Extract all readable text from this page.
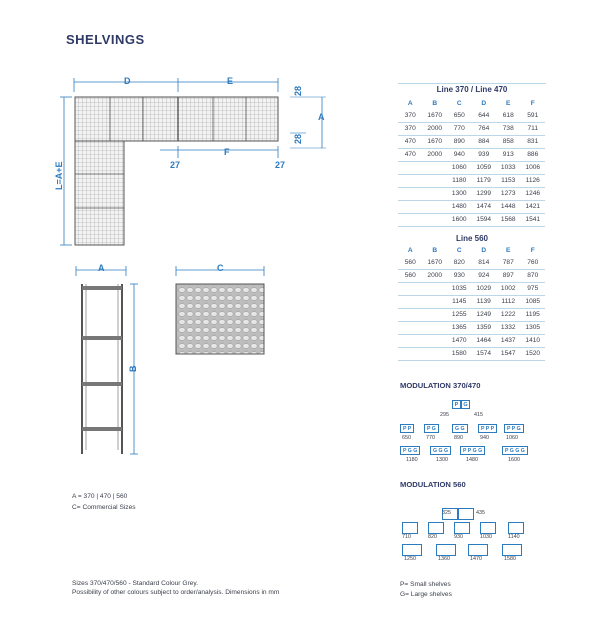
SHELVINGS
D	E
A
F
27	27
28
28
L=A+E
A
B
C
A = 370 | 470 | 560
C= Commercial Sizes
Line 370 / Line 470
A	B	C	D	E	F
370	1670	650	644	618	591
370	2000	770	764	738	711
470	1670	890	884	858	831
470	2000	940	939	913	886
		1060	1059	1033	1006
		1180	1179	1153	1126
		1300	1299	1273	1246
		1480	1474	1448	1421
		1600	1594	1568	1541
Line 560
A	B	C	D	E	F
560	1670	820	814	787	760
560	2000	930	924	897	870
		1035	1029	1002	975
		1145	1139	1112	1085
		1255	1249	1222	1195
		1365	1359	1332	1305
		1470	1464	1437	1410
		1580	1574	1547	1520
MODULATION 370/470
P G
295	415
P P
650
P G
770
G G
890
P P P
940
P P G
1060
P G G
1180
G G G
1300
P P G G
1480
P G G G
1600
MODULATION 560
325	435
710	820	930	1030	1140
1250	1360	1470	1580
Sizes 370/470/560 - Standard Colour Grey.
Possibility of other colours subject to order/analysis. Dimensions in mm
P= Small shelves
G= Large shelves
